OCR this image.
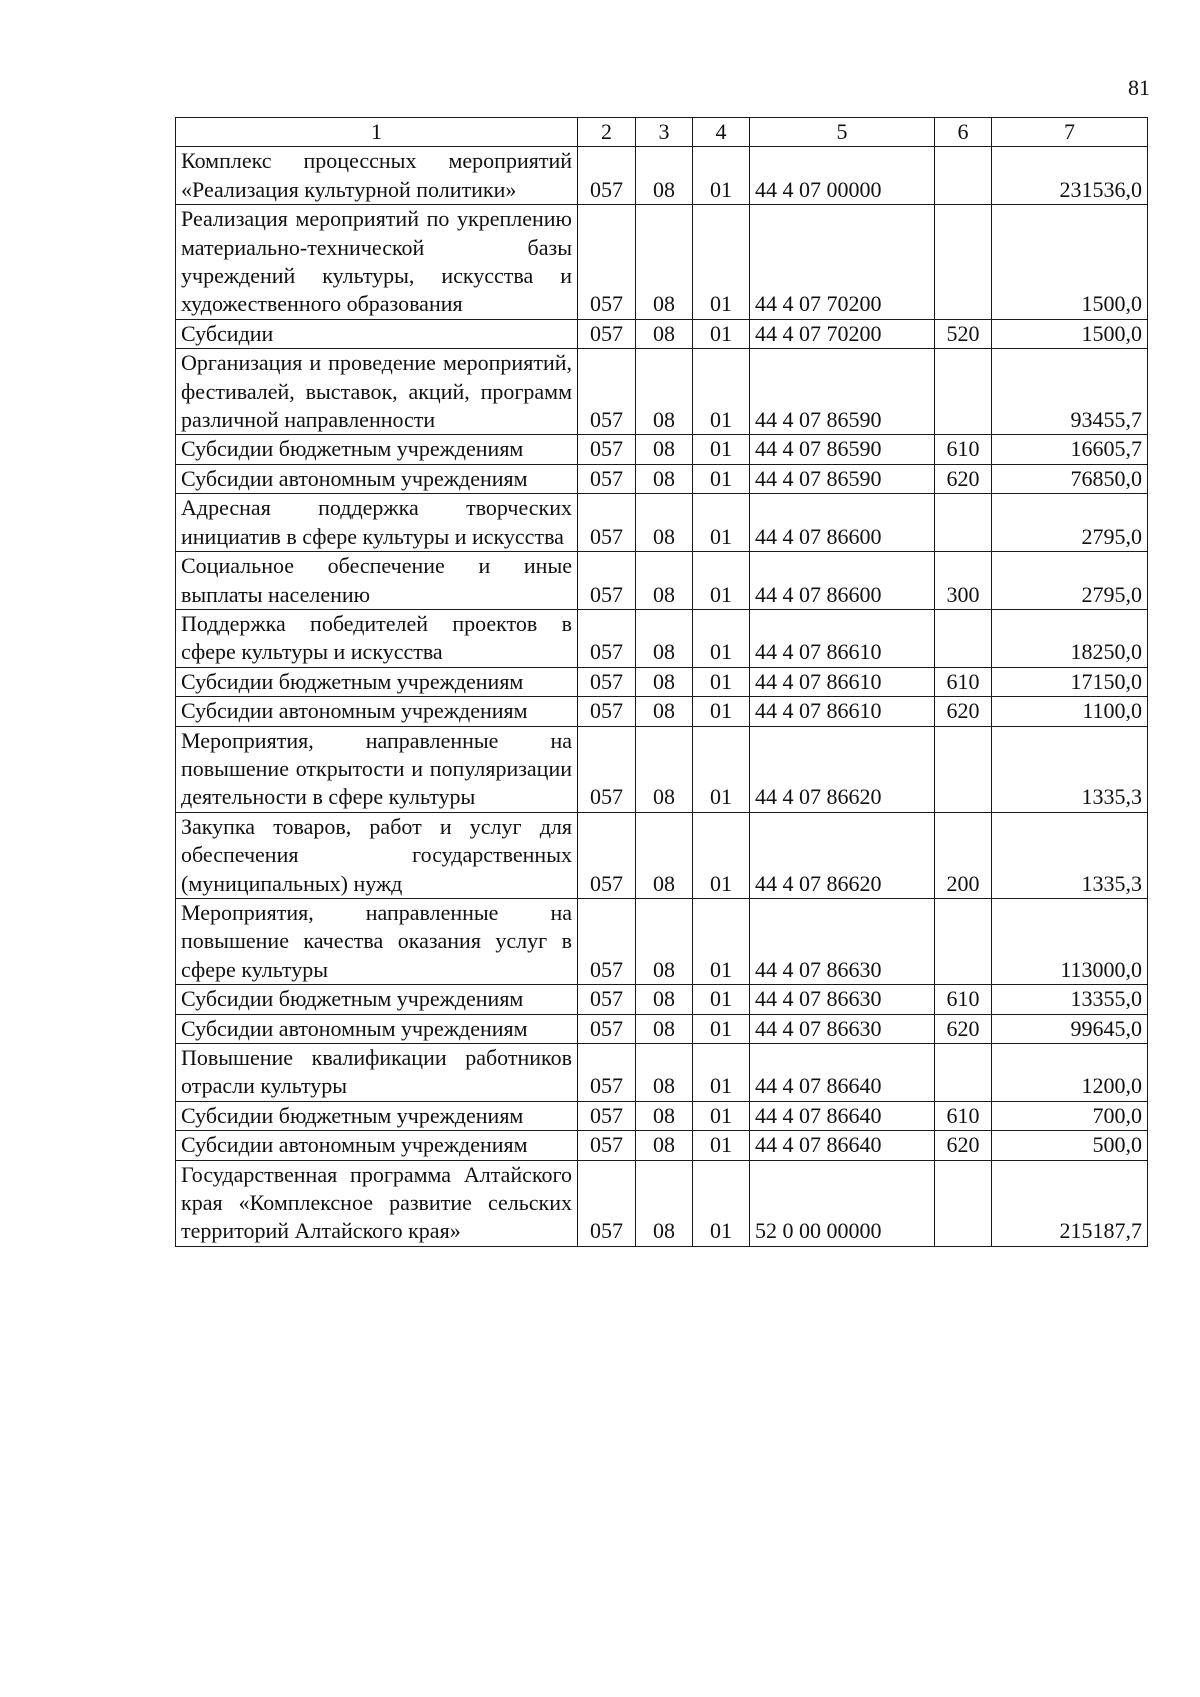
81
1	2	3	4	5	6	7
Комплекс процессных мероприятий «Реализация культурной политики»	057	08	01	44 4 07 00000		231536,0
Реализация мероприятий по укреплению материально-технической базы учреждений культуры, искусства и художественного образования	057	08	01	44 4 07 70200		1500,0
Субсидии	057	08	01	44 4 07 70200	520	1500,0
Организация и проведение мероприятий, фестивалей, выставок, акций, программ различной направленности	057	08	01	44 4 07 86590		93455,7
Субсидии бюджетным учреждениям	057	08	01	44 4 07 86590	610	16605,7
Субсидии автономным учреждениям	057	08	01	44 4 07 86590	620	76850,0
Адресная поддержка творческих инициатив в сфере культуры и искусства	057	08	01	44 4 07 86600		2795,0
Социальное обеспечение и иные выплаты населению	057	08	01	44 4 07 86600	300	2795,0
Поддержка победителей проектов в сфере культуры и искусства	057	08	01	44 4 07 86610		18250,0
Субсидии бюджетным учреждениям	057	08	01	44 4 07 86610	610	17150,0
Субсидии автономным учреждениям	057	08	01	44 4 07 86610	620	1100,0
Мероприятия, направленные на повышение открытости и популяризации деятельности в сфере культуры	057	08	01	44 4 07 86620		1335,3
Закупка товаров, работ и услуг для обеспечения государственных (муниципальных) нужд	057	08	01	44 4 07 86620	200	1335,3
Мероприятия, направленные на повышение качества оказания услуг в сфере культуры	057	08	01	44 4 07 86630		113000,0
Субсидии бюджетным учреждениям	057	08	01	44 4 07 86630	610	13355,0
Субсидии автономным учреждениям	057	08	01	44 4 07 86630	620	99645,0
Повышение квалификации работников отрасли культуры	057	08	01	44 4 07 86640		1200,0
Субсидии бюджетным учреждениям	057	08	01	44 4 07 86640	610	700,0
Субсидии автономным учреждениям	057	08	01	44 4 07 86640	620	500,0
Государственная программа Алтайского края «Комплексное развитие сельских территорий Алтайского края»	057	08	01	52 0 00 00000		215187,7
